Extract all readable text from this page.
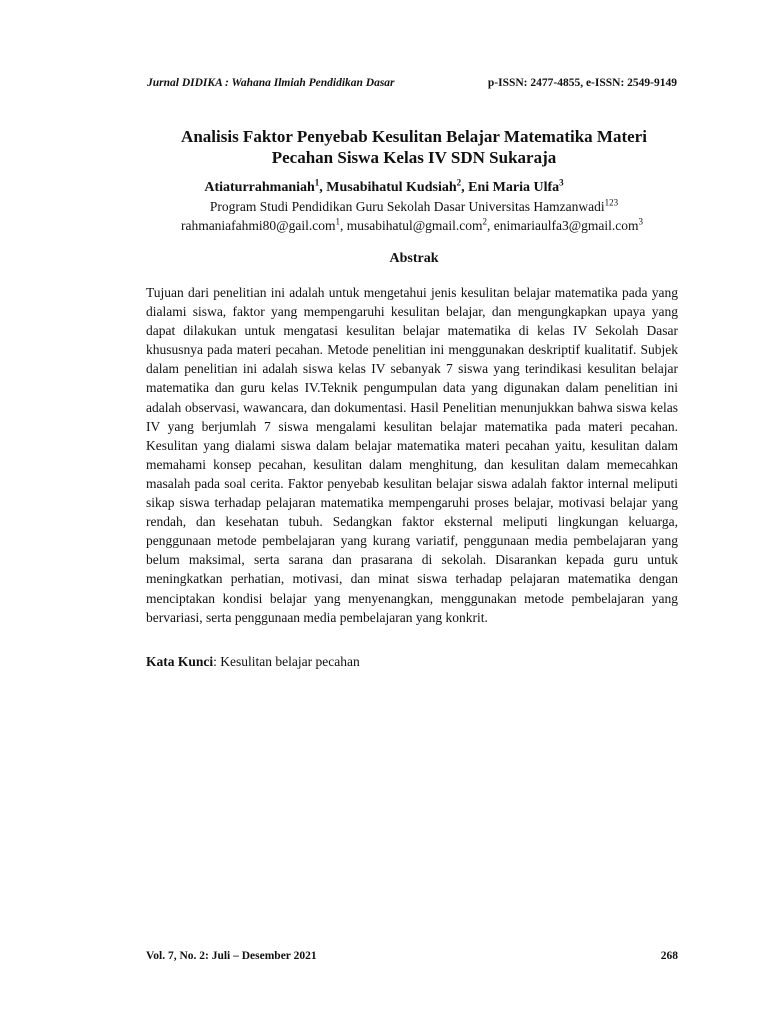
Jurnal DIDIKA : Wahana Ilmiah Pendidikan Dasar	p-ISSN: 2477-4855, e-ISSN: 2549-9149
Analisis Faktor Penyebab Kesulitan Belajar Matematika Materi
Pecahan Siswa Kelas IV SDN Sukaraja
Atiaturrahmaniah$^1$, Musabihatul Kudsiah$^2$, Eni Maria Ulfa$^3$
Program Studi Pendidikan Guru Sekolah Dasar Universitas Hamzanwadi$^{123}$
rahmaniafahmi80@gail.com$^1$, musabihatul@gmail.com$^2$, enimariaulfa3@gmail.com$^3$
Abstrak

Tujuan dari penelitian ini adalah untuk mengetahui jenis kesulitan belajar matematika pada yang dialami siswa, faktor yang mempengaruhi kesulitan belajar, dan mengungkapkan upaya yang dapat dilakukan untuk mengatasi kesulitan belajar matematika di kelas IV Sekolah Dasar khususnya pada materi pecahan. Metode penelitian ini menggunakan deskriptif kualitatif. Subjek dalam penelitian ini adalah siswa kelas IV sebanyak 7 siswa yang terindikasi kesulitan belajar matematika dan guru kelas IV.Teknik pengumpulan data yang digunakan dalam penelitian ini adalah observasi, wawancara, dan dokumentasi. Hasil Penelitian menunjukkan bahwa siswa kelas IV yang berjumlah 7 siswa mengalami kesulitan belajar matematika pada materi pecahan. Kesulitan yang dialami siswa dalam belajar matematika materi pecahan yaitu, kesulitan dalam memahami konsep pecahan, kesulitan dalam menghitung, dan kesulitan dalam memecahkan masalah pada soal cerita. Faktor penyebab kesulitan belajar siswa adalah faktor internal meliputi sikap siswa terhadap pelajaran matematika mempengaruhi proses belajar, motivasi belajar yang rendah, dan kesehatan tubuh. Sedangkan faktor eksternal meliputi lingkungan keluarga, penggunaan metode pembelajaran yang kurang variatif, penggunaan media pembelajaran yang belum maksimal, serta sarana dan prasarana di sekolah. Disarankan kepada guru untuk meningkatkan perhatian, motivasi, dan minat siswa terhadap pelajaran matematika dengan menciptakan kondisi belajar yang menyenangkan, menggunakan metode pembelajaran yang bervariasi, serta penggunaan media pembelajaran yang konkrit.

Kata Kunci: Kesulitan belajar pecahan
Vol. 7, No. 2: Juli – Desember 2021	268
